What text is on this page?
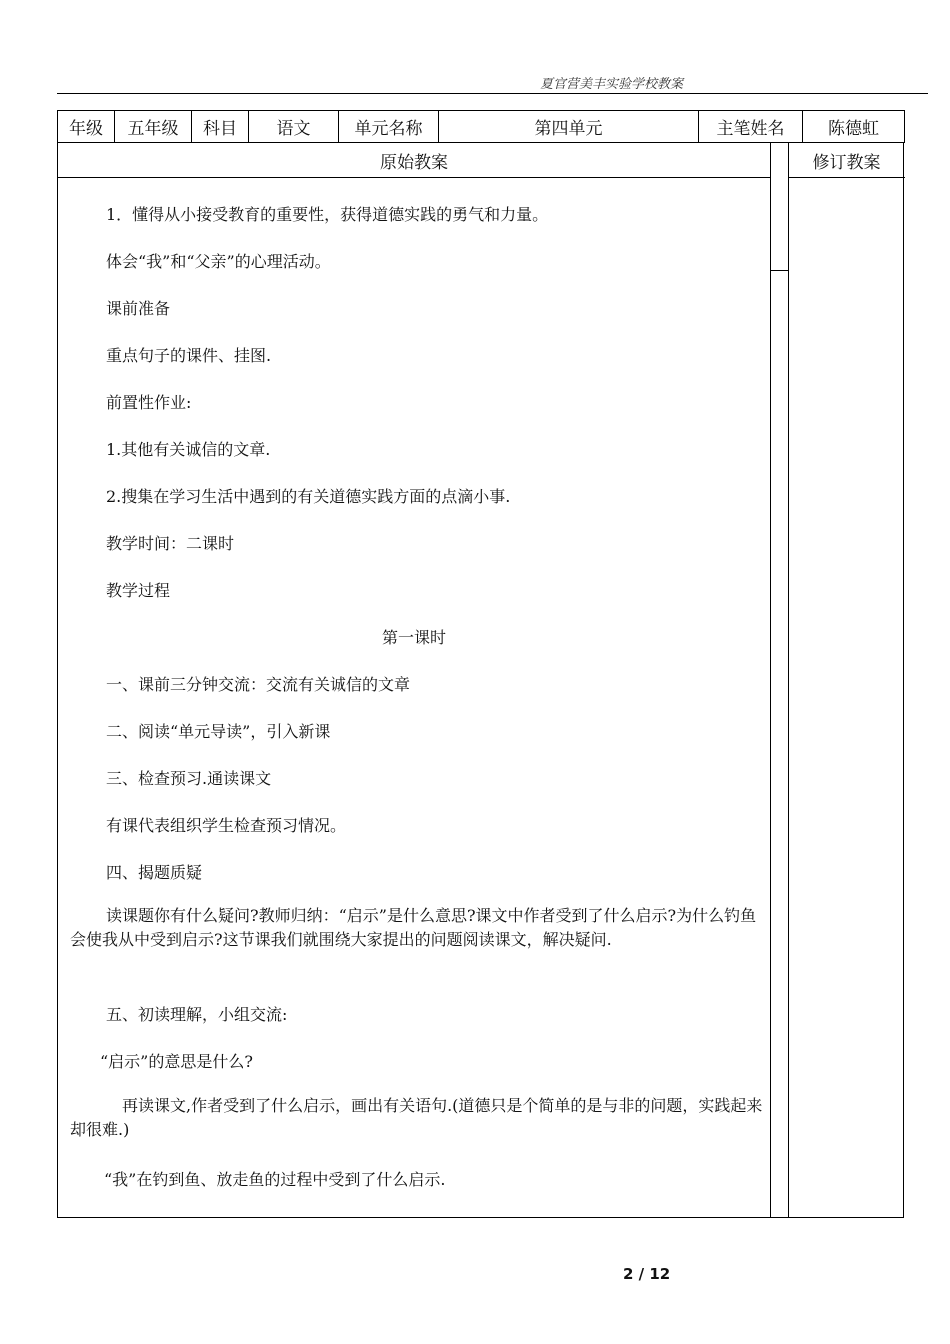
夏官营美丰实验学校教案
年级	五年级	科目	语文	单元名称	第四单元	主笔姓名	陈德虹
原始教案	修订教案
1．懂得从小接受教育的重要性，获得道德实践的勇气和力量。
体会“我”和“父亲”的心理活动。
课前准备
重点句子的课件、挂图.
前置性作业:
1.其他有关诚信的文章.
2.搜集在学习生活中遇到的有关道德实践方面的点滴小事.
教学时间：二课时
教学过程
第一课时
一、课前三分钟交流：交流有关诚信的文章
二、阅读“单元导读”，引入新课
三、检查预习.通读课文
有课代表组织学生检查预习情况。
四、揭题质疑
读课题你有什么疑问?教师归纳：“启示”是什么意思?课文中作者受到了什么启示?为什么钓鱼会使我从中受到启示?这节课我们就围绕大家提出的问题阅读课文，解决疑问.
五、初读理解，小组交流:
“启示”的意思是什么?
再读课文,作者受到了什么启示，画出有关语句.(道德只是个简单的是与非的问题，实践起来却很难.)
“我”在钓到鱼、放走鱼的过程中受到了什么启示.
2 / 12
